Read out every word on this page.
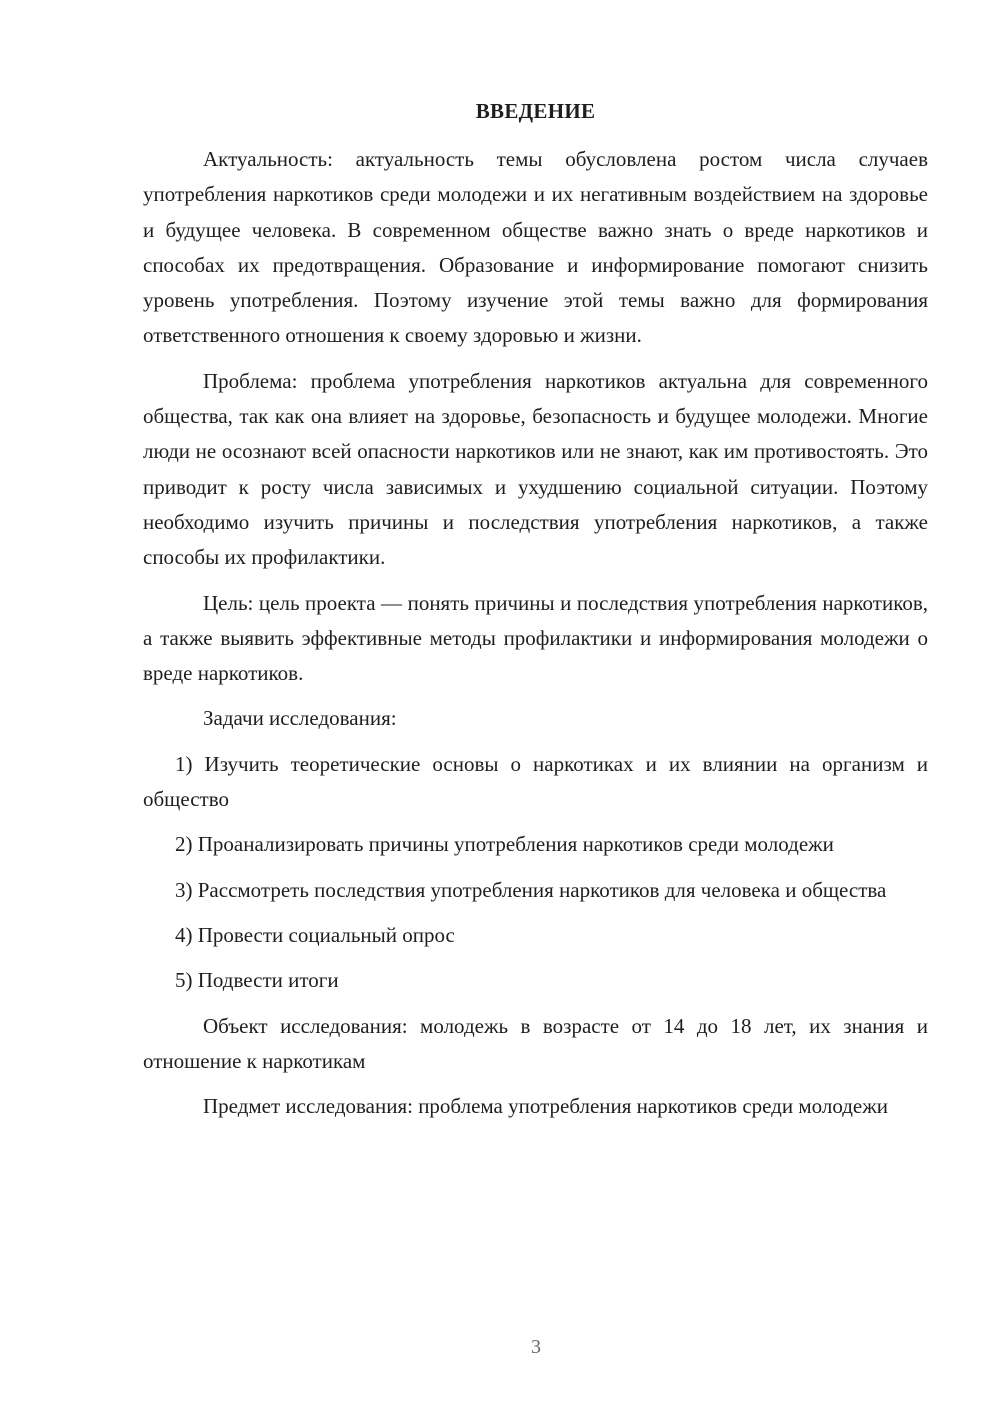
ВВЕДЕНИЕ

Актуальность: актуальность темы обусловлена ростом числа случаев употребления наркотиков среди молодежи и их негативным воздействием на здоровье и будущее человека. В современном обществе важно знать о вреде наркотиков и способах их предотвращения. Образование и информирование помогают снизить уровень употребления. Поэтому изучение этой темы важно для формирования ответственного отношения к своему здоровью и жизни.

Проблема: проблема употребления наркотиков актуальна для современного общества, так как она влияет на здоровье, безопасность и будущее молодежи. Многие люди не осознают всей опасности наркотиков или не знают, как им противостоять. Это приводит к росту числа зависимых и ухудшению социальной ситуации. Поэтому необходимо изучить причины и последствия употребления наркотиков, а также способы их профилактики.

Цель: цель проекта — понять причины и последствия употребления наркотиков, а также выявить эффективные методы профилактики и информирования молодежи о вреде наркотиков.

Задачи исследования:

1) Изучить теоретические основы о наркотиках и их влиянии на организм и общество

2) Проанализировать причины употребления наркотиков среди молодежи

3) Рассмотреть последствия употребления наркотиков для человека и общества

4) Провести социальный опрос

5) Подвести итоги

Объект исследования: молодежь в возрасте от 14 до 18 лет, их знания и отношение к наркотикам

Предмет исследования: проблема употребления наркотиков среди молодежи

3
